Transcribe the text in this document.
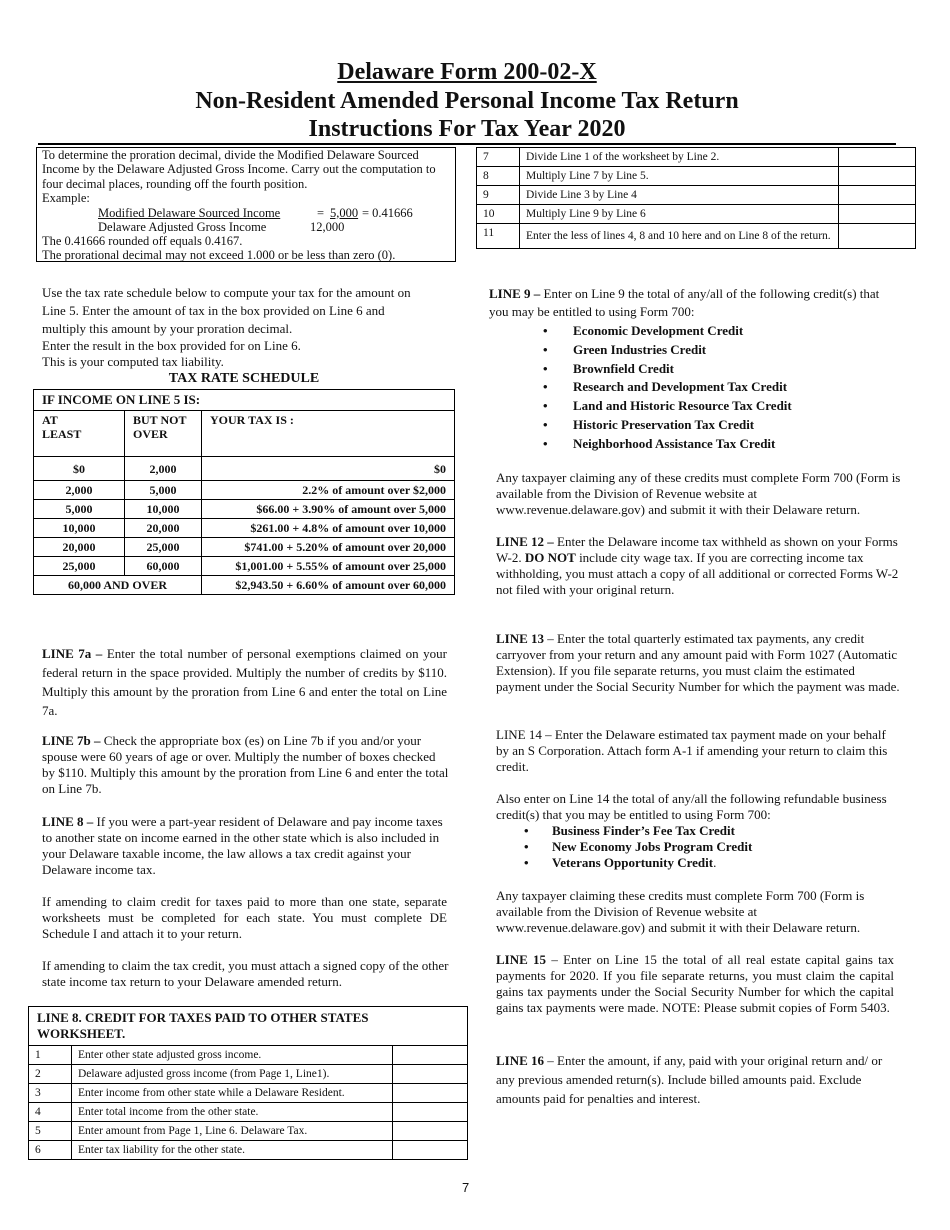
Delaware Form 200-02-X
Non-Resident Amended Personal Income Tax Return
Instructions For Tax Year 2020
To determine the proration decimal, divide the Modified Delaware Sourced
Income by the Delaware Adjusted Gross Income. Carry out the computation to
four decimal places, rounding off the fourth position.
Example:
Modified Delaware Sourced Income	= 5,000 = 0.41666
Delaware Adjusted Gross Income	12,000
The 0.41666 rounded off equals 0.4167.
The prorational decimal may not exceed 1.000 or be less than zero (0).
7	Divide Line 1 of the worksheet by Line 2.	
8	Multiply Line 7 by Line 5.	
9	Divide Line 3 by Line 4	
10	Multiply Line 9 by Line 6	
11	Enter the less of lines 4, 8 and 10 here and on Line 8 of the return.	
Use the tax rate schedule below to compute your tax for the amount on
Line 5. Enter the amount of tax in the box provided on Line 6 and
multiply this amount by your proration decimal.
Enter the result in the box provided for on Line 6.
This is your computed tax liability.
TAX RATE SCHEDULE
IF INCOME ON LINE 5 IS:		
AT LEAST	BUT NOT OVER	YOUR TAX IS :
$0	2,000	$0
2,000	5,000	2.2% of amount over $2,000
5,000	10,000	$66.00 + 3.90% of amount over 5,000
10,000	20,000	$261.00 + 4.8% of amount over 10,000
20,000	25,000	$741.00 + 5.20% of amount over 20,000
25,000	60,000	$1,001.00 + 5.55% of amount over 25,000
60,000 AND OVER		$2,943.50 + 6.60% of amount over 60,000
LINE 7a – Enter the total number of personal exemptions claimed on your federal return in the space provided. Multiply the number of credits by $110. Multiply this amount by the proration from Line 6 and enter the total on Line 7a.
LINE 7b – Check the appropriate box (es) on Line 7b if you and/or your spouse were 60 years of age or over. Multiply the number of boxes checked by $110. Multiply this amount by the proration from Line 6 and enter the total on Line 7b.
LINE 8 – If you were a part-year resident of Delaware and pay income taxes to another state on income earned in the other state which is also included in your Delaware taxable income, the law allows a tax credit against your Delaware income tax.
If amending to claim credit for taxes paid to more than one state, separate worksheets must be completed for each state. You must complete DE Schedule I and attach it to your return.
If amending to claim the tax credit, you must attach a signed copy of the other state income tax return to your Delaware amended return.
LINE 8. CREDIT FOR TAXES PAID TO OTHER STATES WORKSHEET.		
1	Enter other state adjusted gross income.	
2	Delaware adjusted gross income (from Page 1, Line1).	
3	Enter income from other state while a Delaware Resident.	
4	Enter total income from the other state.	
5	Enter amount from Page 1, Line 6. Delaware Tax.	
6	Enter tax liability for the other state.	
LINE 9 – Enter on Line 9 the total of any/all of the following credit(s) that you may be entitled to using Form 700:
• Economic Development Credit
• Green Industries Credit
• Brownfield Credit
• Research and Development Tax Credit
• Land and Historic Resource Tax Credit
• Historic Preservation Tax Credit
• Neighborhood Assistance Tax Credit
Any taxpayer claiming any of these credits must complete Form 700 (Form is available from the Division of Revenue website at www.revenue.delaware.gov) and submit it with their Delaware return.
LINE 12 – Enter the Delaware income tax withheld as shown on your Forms W-2. DO NOT include city wage tax. If you are correcting income tax withholding, you must attach a copy of all additional or corrected Forms W-2 not filed with your original return.
LINE 13 – Enter the total quarterly estimated tax payments, any credit carryover from your return and any amount paid with Form 1027 (Automatic Extension). If you file separate returns, you must claim the estimated payment under the Social Security Number for which the payment was made.
LINE 14 – Enter the Delaware estimated tax payment made on your behalf by an S Corporation. Attach form A-1 if amending your return to claim this credit.
Also enter on Line 14 the total of any/all the following refundable business credit(s) that you may be entitled to using Form 700:
• Business Finder’s Fee Tax Credit
• New Economy Jobs Program Credit
• Veterans Opportunity Credit.
Any taxpayer claiming these credits must complete Form 700 (Form is available from the Division of Revenue website at www.revenue.delaware.gov) and submit it with their Delaware return.
LINE 15 – Enter on Line 15 the total of all real estate capital gains tax payments for 2020. If you file separate returns, you must claim the capital gains tax payments under the Social Security Number for which the capital gains tax payments were made. NOTE: Please submit copies of Form 5403.
LINE 16 – Enter the amount, if any, paid with your original return and/ or any previous amended return(s). Include billed amounts paid. Exclude amounts paid for penalties and interest.
7
